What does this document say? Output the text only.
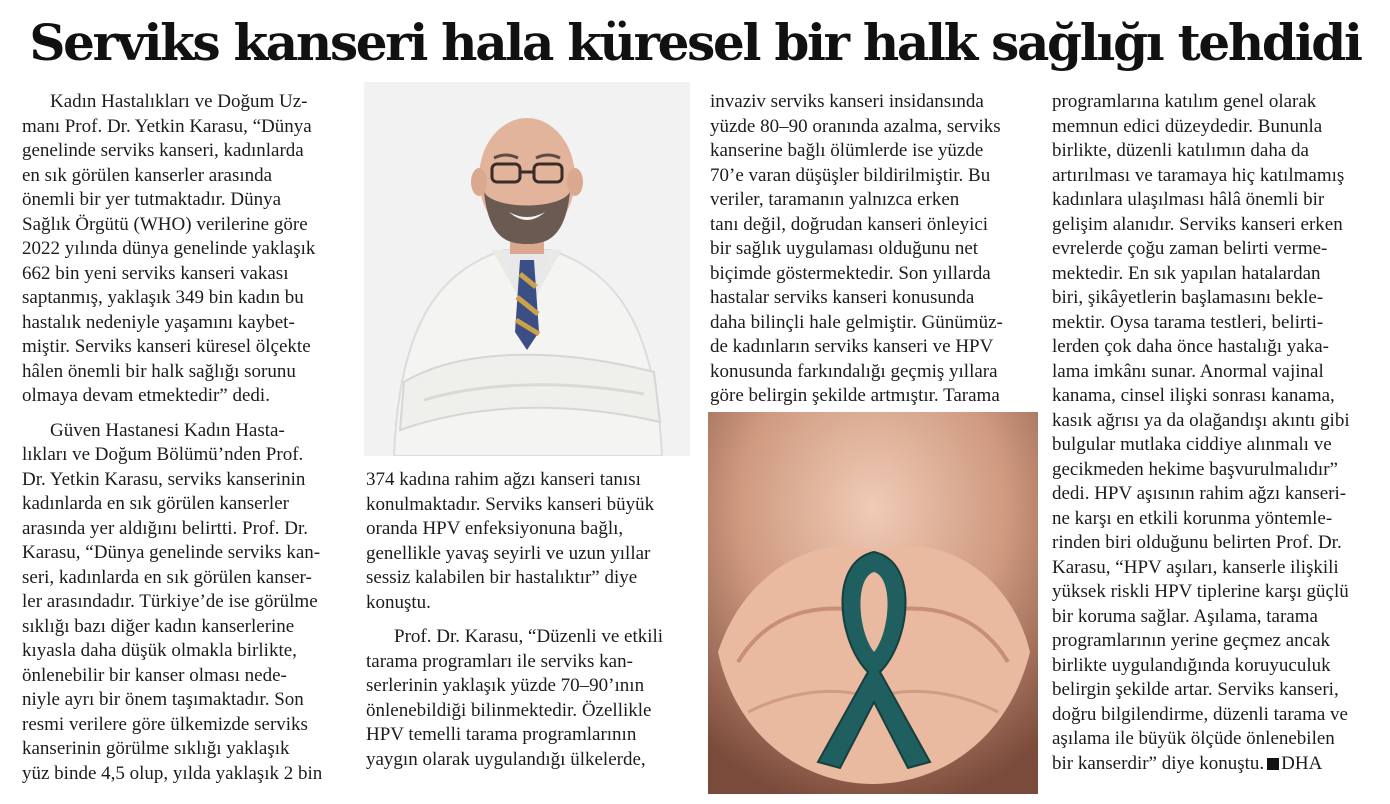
Serviks kanseri hala küresel bir halk sağlığı tehdidi

Kadın Hastalıkları ve Doğum Uz-
manı Prof. Dr. Yetkin Karasu, “Dünya
genelinde serviks kanseri, kadınlarda
en sık görülen kanserler arasında
önemli bir yer tutmaktadır. Dünya
Sağlık Örgütü (WHO) verilerine göre
2022 yılında dünya genelinde yaklaşık
662 bin yeni serviks kanseri vakası
saptanmış, yaklaşık 349 bin kadın bu
hastalık nedeniyle yaşamını kaybet-
miştir. Serviks kanseri küresel ölçekte
hâlen önemli bir halk sağlığı sorunu
olmaya devam etmektedir” dedi.

Güven Hastanesi Kadın Hasta-
lıkları ve Doğum Bölümü’nden Prof.
Dr. Yetkin Karasu, serviks kanserinin
kadınlarda en sık görülen kanserler
arasında yer aldığını belirtti. Prof. Dr.
Karasu, “Dünya genelinde serviks kan-
seri, kadınlarda en sık görülen kanser-
ler arasındadır. Türkiye’de ise görülme
sıklığı bazı diğer kadın kanserlerine
kıyasla daha düşük olmakla birlikte,
önlenebilir bir kanser olması nede-
niyle ayrı bir önem taşımaktadır. Son
resmi verilere göre ülkemizde serviks
kanserinin görülme sıklığı yaklaşık
yüz binde 4,5 olup, yılda yaklaşık 2 bin

374 kadına rahim ağzı kanseri tanısı
konulmaktadır. Serviks kanseri büyük
oranda HPV enfeksiyonuna bağlı,
genellikle yavaş seyirli ve uzun yıllar
sessiz kalabilen bir hastalıktır” diye
konuştu.

Prof. Dr. Karasu, “Düzenli ve etkili
tarama programları ile serviks kan-
serlerinin yaklaşık yüzde 70–90’ının
önlenebildiği bilinmektedir. Özellikle
HPV temelli tarama programlarının
yaygın olarak uygulandığı ülkelerde,

invaziv serviks kanseri insidansında
yüzde 80–90 oranında azalma, serviks
kanserine bağlı ölümlerde ise yüzde
70’e varan düşüşler bildirilmiştir. Bu
veriler, taramanın yalnızca erken
tanı değil, doğrudan kanseri önleyici
bir sağlık uygulaması olduğunu net
biçimde göstermektedir. Son yıllarda
hastalar serviks kanseri konusunda
daha bilinçli hale gelmiştir. Günümüz-
de kadınların serviks kanseri ve HPV
konusunda farkındalığı geçmiş yıllara
göre belirgin şekilde artmıştır. Tarama

programlarına katılım genel olarak
memnun edici düzeydedir. Bununla
birlikte, düzenli katılımın daha da
artırılması ve taramaya hiç katılmamış
kadınlara ulaşılması hâlâ önemli bir
gelişim alanıdır. Serviks kanseri erken
evrelerde çoğu zaman belirti verme-
mektedir. En sık yapılan hatalardan
biri, şikâyetlerin başlamasını bekle-
mektir. Oysa tarama testleri, belirti-
lerden çok daha önce hastalığı yaka-
lama imkânı sunar. Anormal vajinal
kanama, cinsel ilişki sonrası kanama,
kasık ağrısı ya da olağandışı akıntı gibi
bulgular mutlaka ciddiye alınmalı ve
gecikmeden hekime başvurulmalıdır”
dedi. HPV aşısının rahim ağzı kanseri-
ne karşı en etkili korunma yöntemle-
rinden biri olduğunu belirten Prof. Dr.
Karasu, “HPV aşıları, kanserle ilişkili
yüksek riskli HPV tiplerine karşı güçlü
bir koruma sağlar. Aşılama, tarama
programlarının yerine geçmez ancak
birlikte uygulandığında koruyuculuk
belirgin şekilde artar. Serviks kanseri,
doğru bilgilendirme, düzenli tarama ve
aşılama ile büyük ölçüde önlenebilen
bir kanserdir” diye konuştu. DHA
